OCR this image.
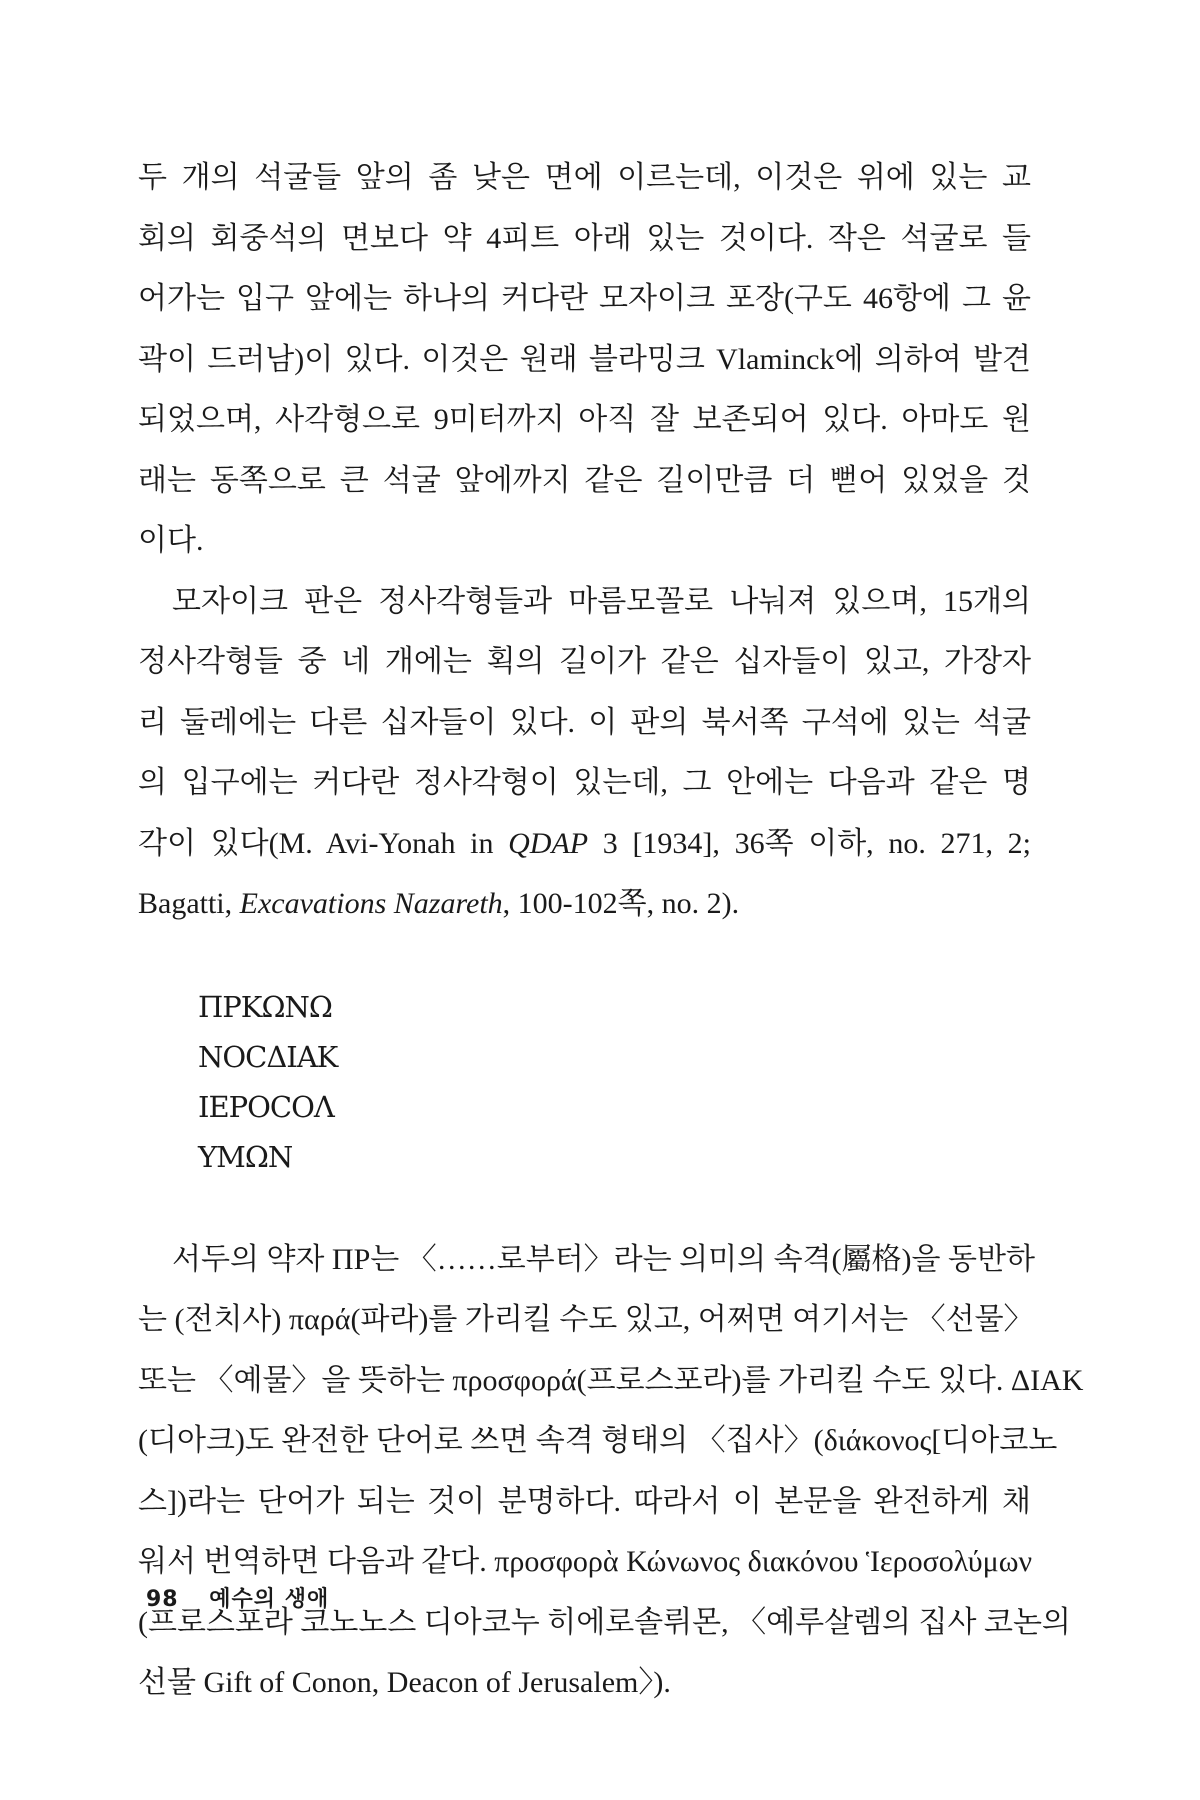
두 개의 석굴들 앞의 좀 낮은 면에 이르는데, 이것은 위에 있는 교
회의 회중석의 면보다 약 4피트 아래 있는 것이다. 작은 석굴로 들
어가는 입구 앞에는 하나의 커다란 모자이크 포장(구도 46항에 그 윤
곽이 드러남)이 있다. 이것은 원래 블라밍크 Vlaminck에 의하여 발견
되었으며, 사각형으로 9미터까지 아직 잘 보존되어 있다. 아마도 원
래는 동쪽으로 큰 석굴 앞에까지 같은 길이만큼 더 뻗어 있었을 것
이다.
모자이크 판은 정사각형들과 마름모꼴로 나눠져 있으며, 15개의
정사각형들 중 네 개에는 획의 길이가 같은 십자들이 있고, 가장자
리 둘레에는 다른 십자들이 있다. 이 판의 북서쪽 구석에 있는 석굴
의 입구에는 커다란 정사각형이 있는데, 그 안에는 다음과 같은 명
각이 있다(M. Avi-Yonah in QDAP 3 [1934], 36쪽 이하, no. 271, 2;
Bagatti, Excavations Nazareth, 100-102쪽, no. 2).
ΠΡΚΩΝΩ
NOCΔIAK
IEPOCOΛ
YMΩN
서두의 약자 ΠΡ는 〈……로부터〉라는 의미의 속격(屬格)을 동반하
는 (전치사) παρά(파라)를 가리킬 수도 있고, 어쩌면 여기서는 〈선물〉
또는 〈예물〉을 뜻하는 προσφορά(프로스포라)를 가리킬 수도 있다. ΔIAK
(디아크)도 완전한 단어로 쓰면 속격 형태의 〈집사〉(διάκονος[디아코노
스])라는 단어가 되는 것이 분명하다. 따라서 이 본문을 완전하게 채
워서 번역하면 다음과 같다. προσφορὰ Κώνωνος διακόνου Ἱεροσολύμων
(프로스포라 코노노스 디아코누 히에로솔뤼몬, 〈예루살렘의 집사 코논의
선물 Gift of Conon, Deacon of Jerusalem〉).
98 예수의 생애
